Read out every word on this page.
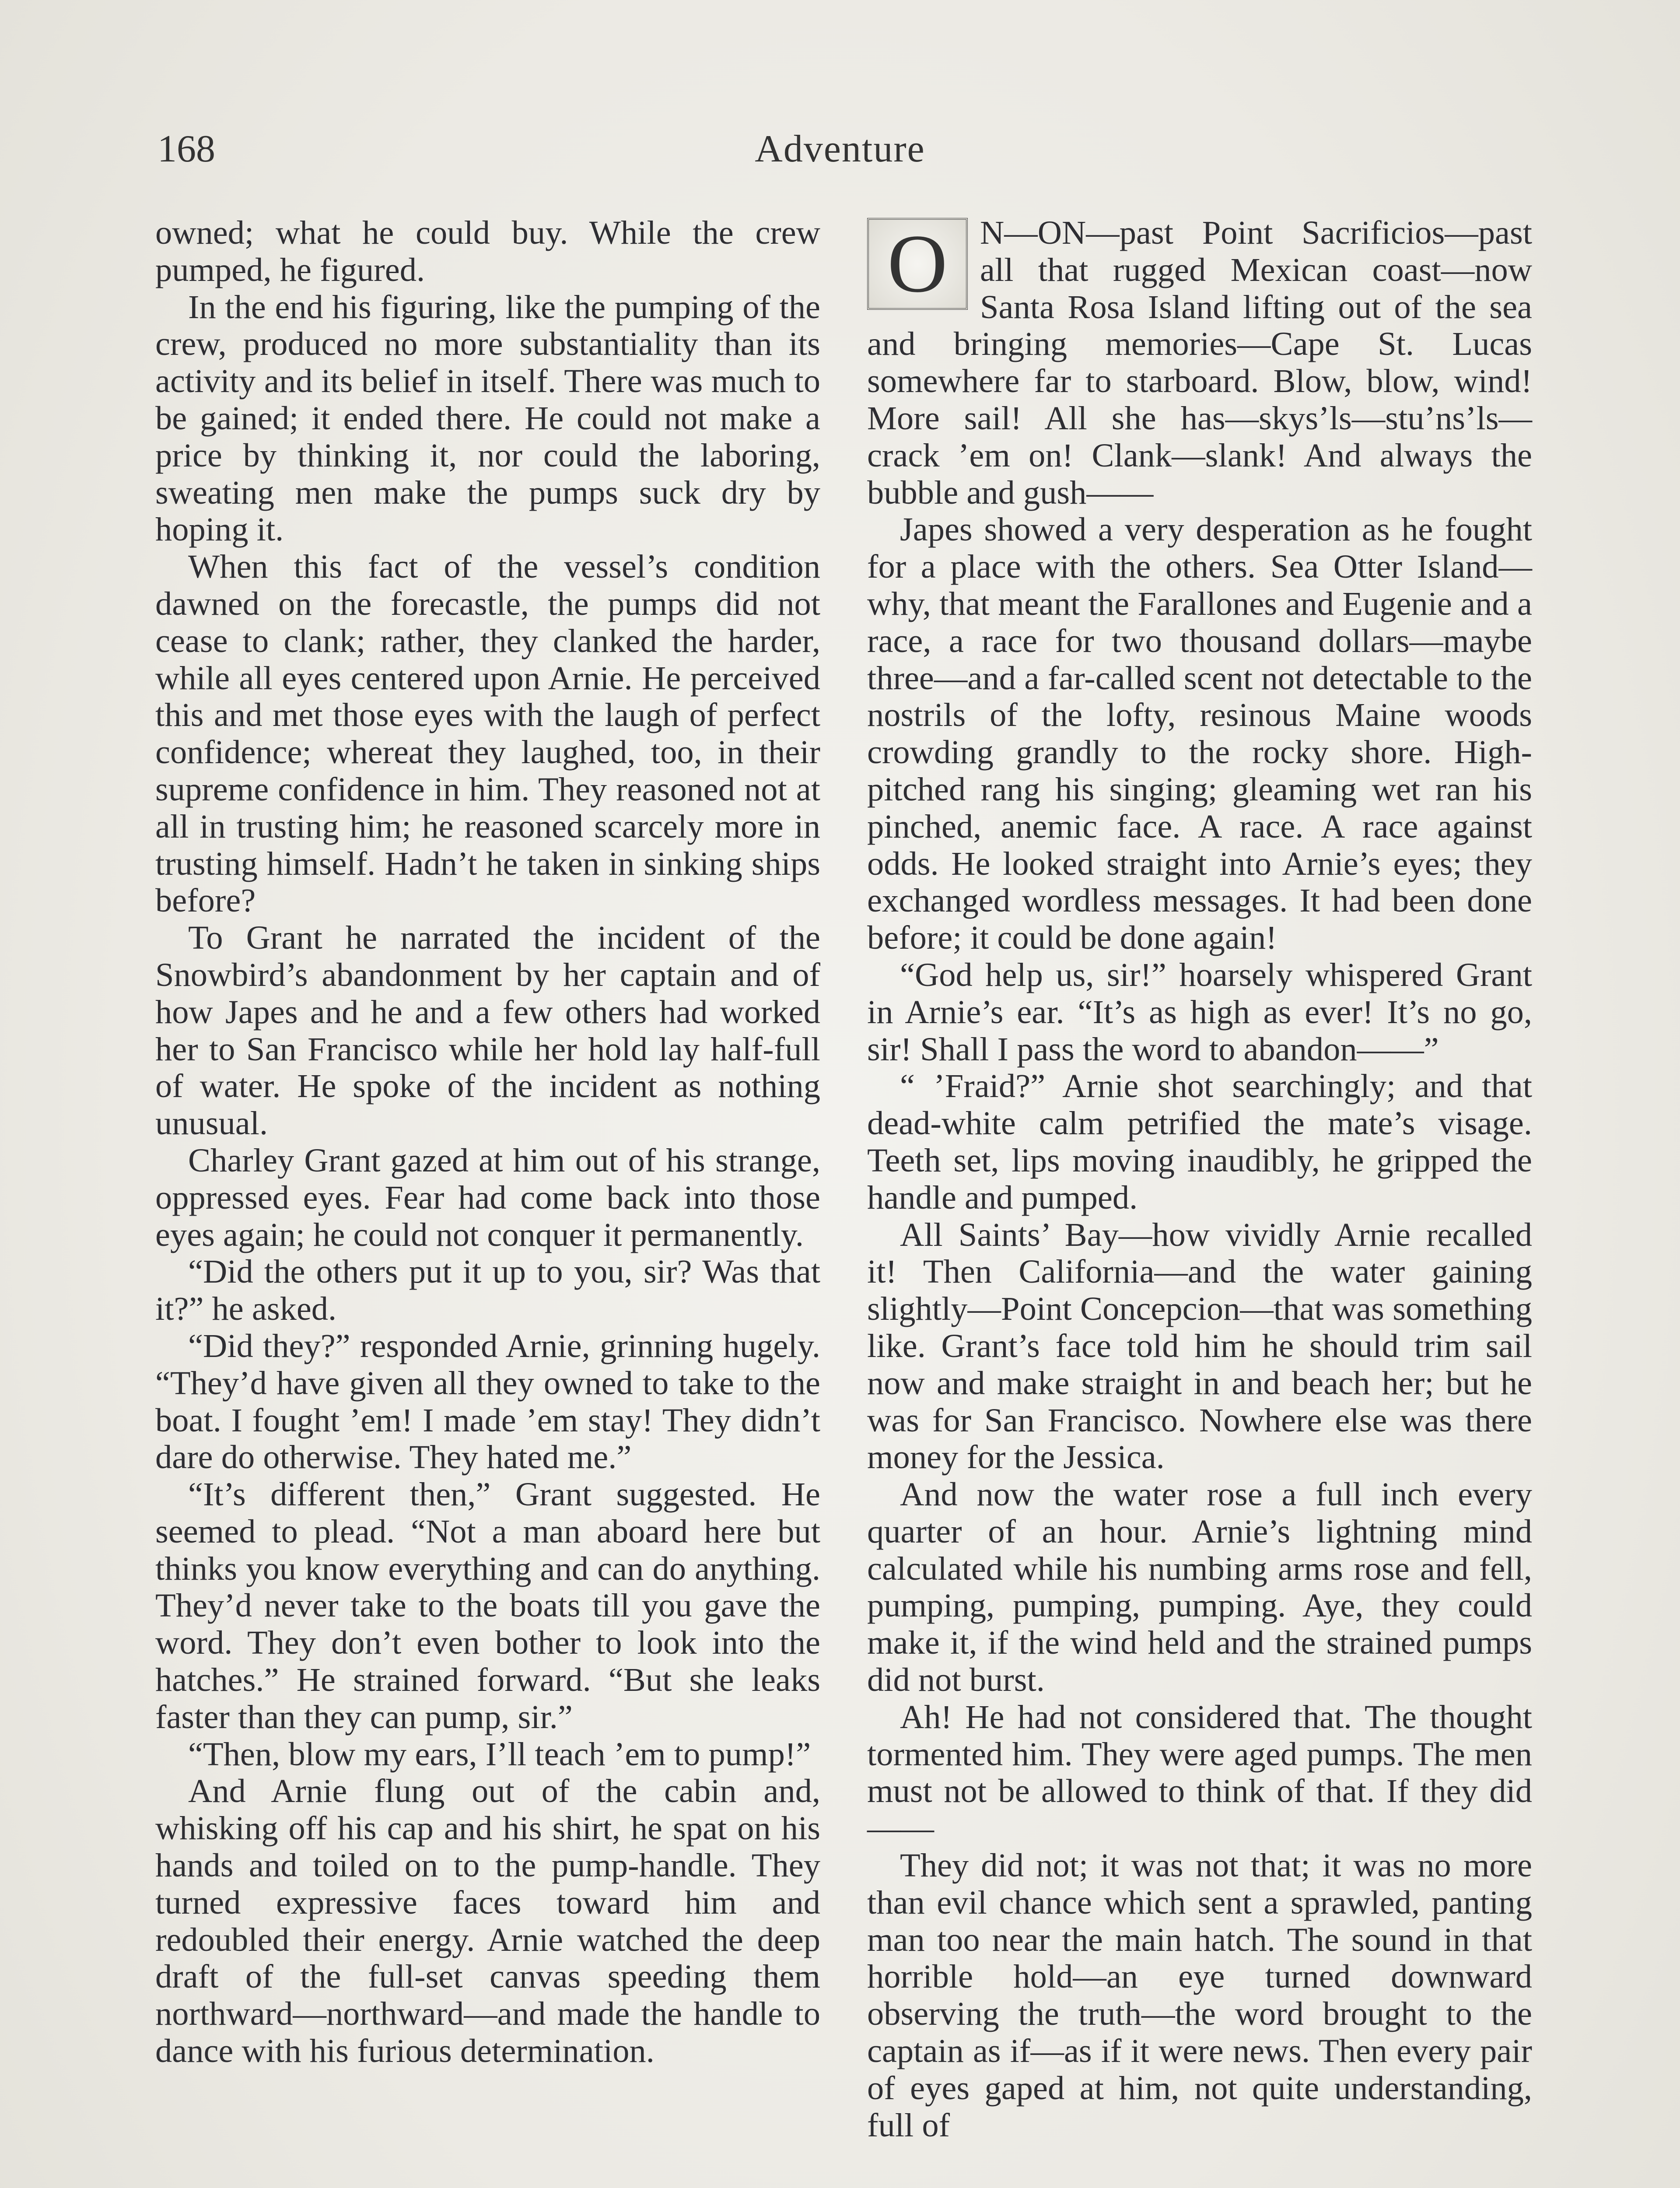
168	Adventure

owned; what he could buy. While the crew pumped, he figured.

In the end his figuring, like the pumping of the crew, produced no more substantiality than its activity and its belief in itself. There was much to be gained; it ended there. He could not make a price by thinking it, nor could the laboring, sweating men make the pumps suck dry by hoping it.

When this fact of the vessel’s condition dawned on the forecastle, the pumps did not cease to clank; rather, they clanked the harder, while all eyes centered upon Arnie. He perceived this and met those eyes with the laugh of perfect confidence; whereat they laughed, too, in their supreme confidence in him. They reasoned not at all in trusting him; he reasoned scarcely more in trusting himself. Hadn’t he taken in sinking ships before?

To Grant he narrated the incident of the Snowbird’s abandonment by her captain and of how Japes and he and a few others had worked her to San Francisco while her hold lay half-full of water. He spoke of the incident as nothing unusual.

Charley Grant gazed at him out of his strange, oppressed eyes. Fear had come back into those eyes again; he could not conquer it permanently.

“Did the others put it up to you, sir? Was that it?” he asked.

“Did they?” responded Arnie, grinning hugely. “They’d have given all they owned to take to the boat. I fought ’em! I made ’em stay! They didn’t dare do otherwise. They hated me.”

“It’s different then,” Grant suggested. He seemed to plead. “Not a man aboard here but thinks you know everything and can do anything. They’d never take to the boats till you gave the word. They don’t even bother to look into the hatches.” He strained forward. “But she leaks faster than they can pump, sir.”

“Then, blow my ears, I’ll teach ’em to pump!”

And Arnie flung out of the cabin and, whisking off his cap and his shirt, he spat on his hands and toiled on to the pump-handle. They turned expressive faces toward him and redoubled their energy. Arnie watched the deep draft of the full-set canvas speeding them northward—northward—and made the handle to dance with his furious determination.

O N—ON—past Point Sacrificios—past all that rugged Mexican coast—now Santa Rosa Island lifting out of the sea and bringing memories—Cape St. Lucas somewhere far to starboard. Blow, blow, wind! More sail! All she has—skys’ls—stu’ns’ls—crack ’em on! Clank—slank! And always the bubble and gush——

Japes showed a very desperation as he fought for a place with the others. Sea Otter Island—why, that meant the Farallones and Eugenie and a race, a race for two thousand dollars—maybe three—and a far-called scent not detectable to the nostrils of the lofty, resinous Maine woods crowding grandly to the rocky shore. High-pitched rang his singing; gleaming wet ran his pinched, anemic face. A race. A race against odds. He looked straight into Arnie’s eyes; they exchanged wordless messages. It had been done before; it could be done again!

“God help us, sir!” hoarsely whispered Grant in Arnie’s ear. “It’s as high as ever! It’s no go, sir! Shall I pass the word to abandon——”

“ ’Fraid?” Arnie shot searchingly; and that dead-white calm petrified the mate’s visage. Teeth set, lips moving inaudibly, he gripped the handle and pumped.

All Saints’ Bay—how vividly Arnie recalled it! Then California—and the water gaining slightly—Point Concepcion—that was something like. Grant’s face told him he should trim sail now and make straight in and beach her; but he was for San Francisco. Nowhere else was there money for the Jessica.

And now the water rose a full inch every quarter of an hour. Arnie’s lightning mind calculated while his numbing arms rose and fell, pumping, pumping, pumping. Aye, they could make it, if the wind held and the strained pumps did not burst.

Ah! He had not considered that. The thought tormented him. They were aged pumps. The men must not be allowed to think of that. If they did——

They did not; it was not that; it was no more than evil chance which sent a sprawled, panting man too near the main hatch. The sound in that horrible hold—an eye turned downward observing the truth—the word brought to the captain as if—as if it were news. Then every pair of eyes gaped at him, not quite understanding, full of
